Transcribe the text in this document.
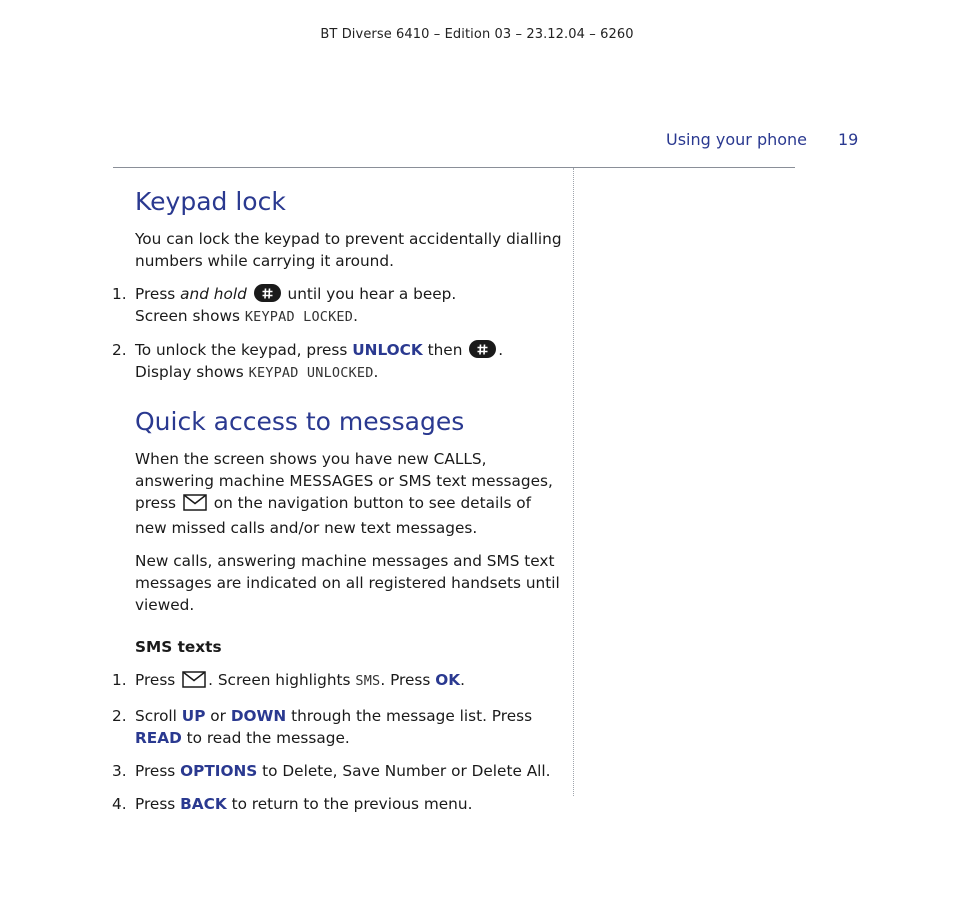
BT Diverse 6410 – Edition 03 – 23.12.04 – 6260
Using your phone 19
Keypad lock

You can lock the keypad to prevent accidentally dialling numbers while carrying it around.

1. Press and hold
until you hear a beep.
Screen shows KEYPAD LOCKED.
2. To unlock the keypad, press UNLOCK then
.
Display shows KEYPAD UNLOCKED.
Quick access to messages

When the screen shows you have new CALLS, answering machine MESSAGES or SMS text messages, press  on the navigation button to see details of new missed calls and/or new text messages.

New calls, answering machine messages and SMS text messages are indicated on all registered handsets until viewed.

SMS texts

1. Press . Screen highlights SMS. Press OK.
2. Scroll UP or DOWN through the message list. Press READ to read the message.
3. Press OPTIONS to Delete, Save Number or Delete All.
4. Press BACK to return to the previous menu.
